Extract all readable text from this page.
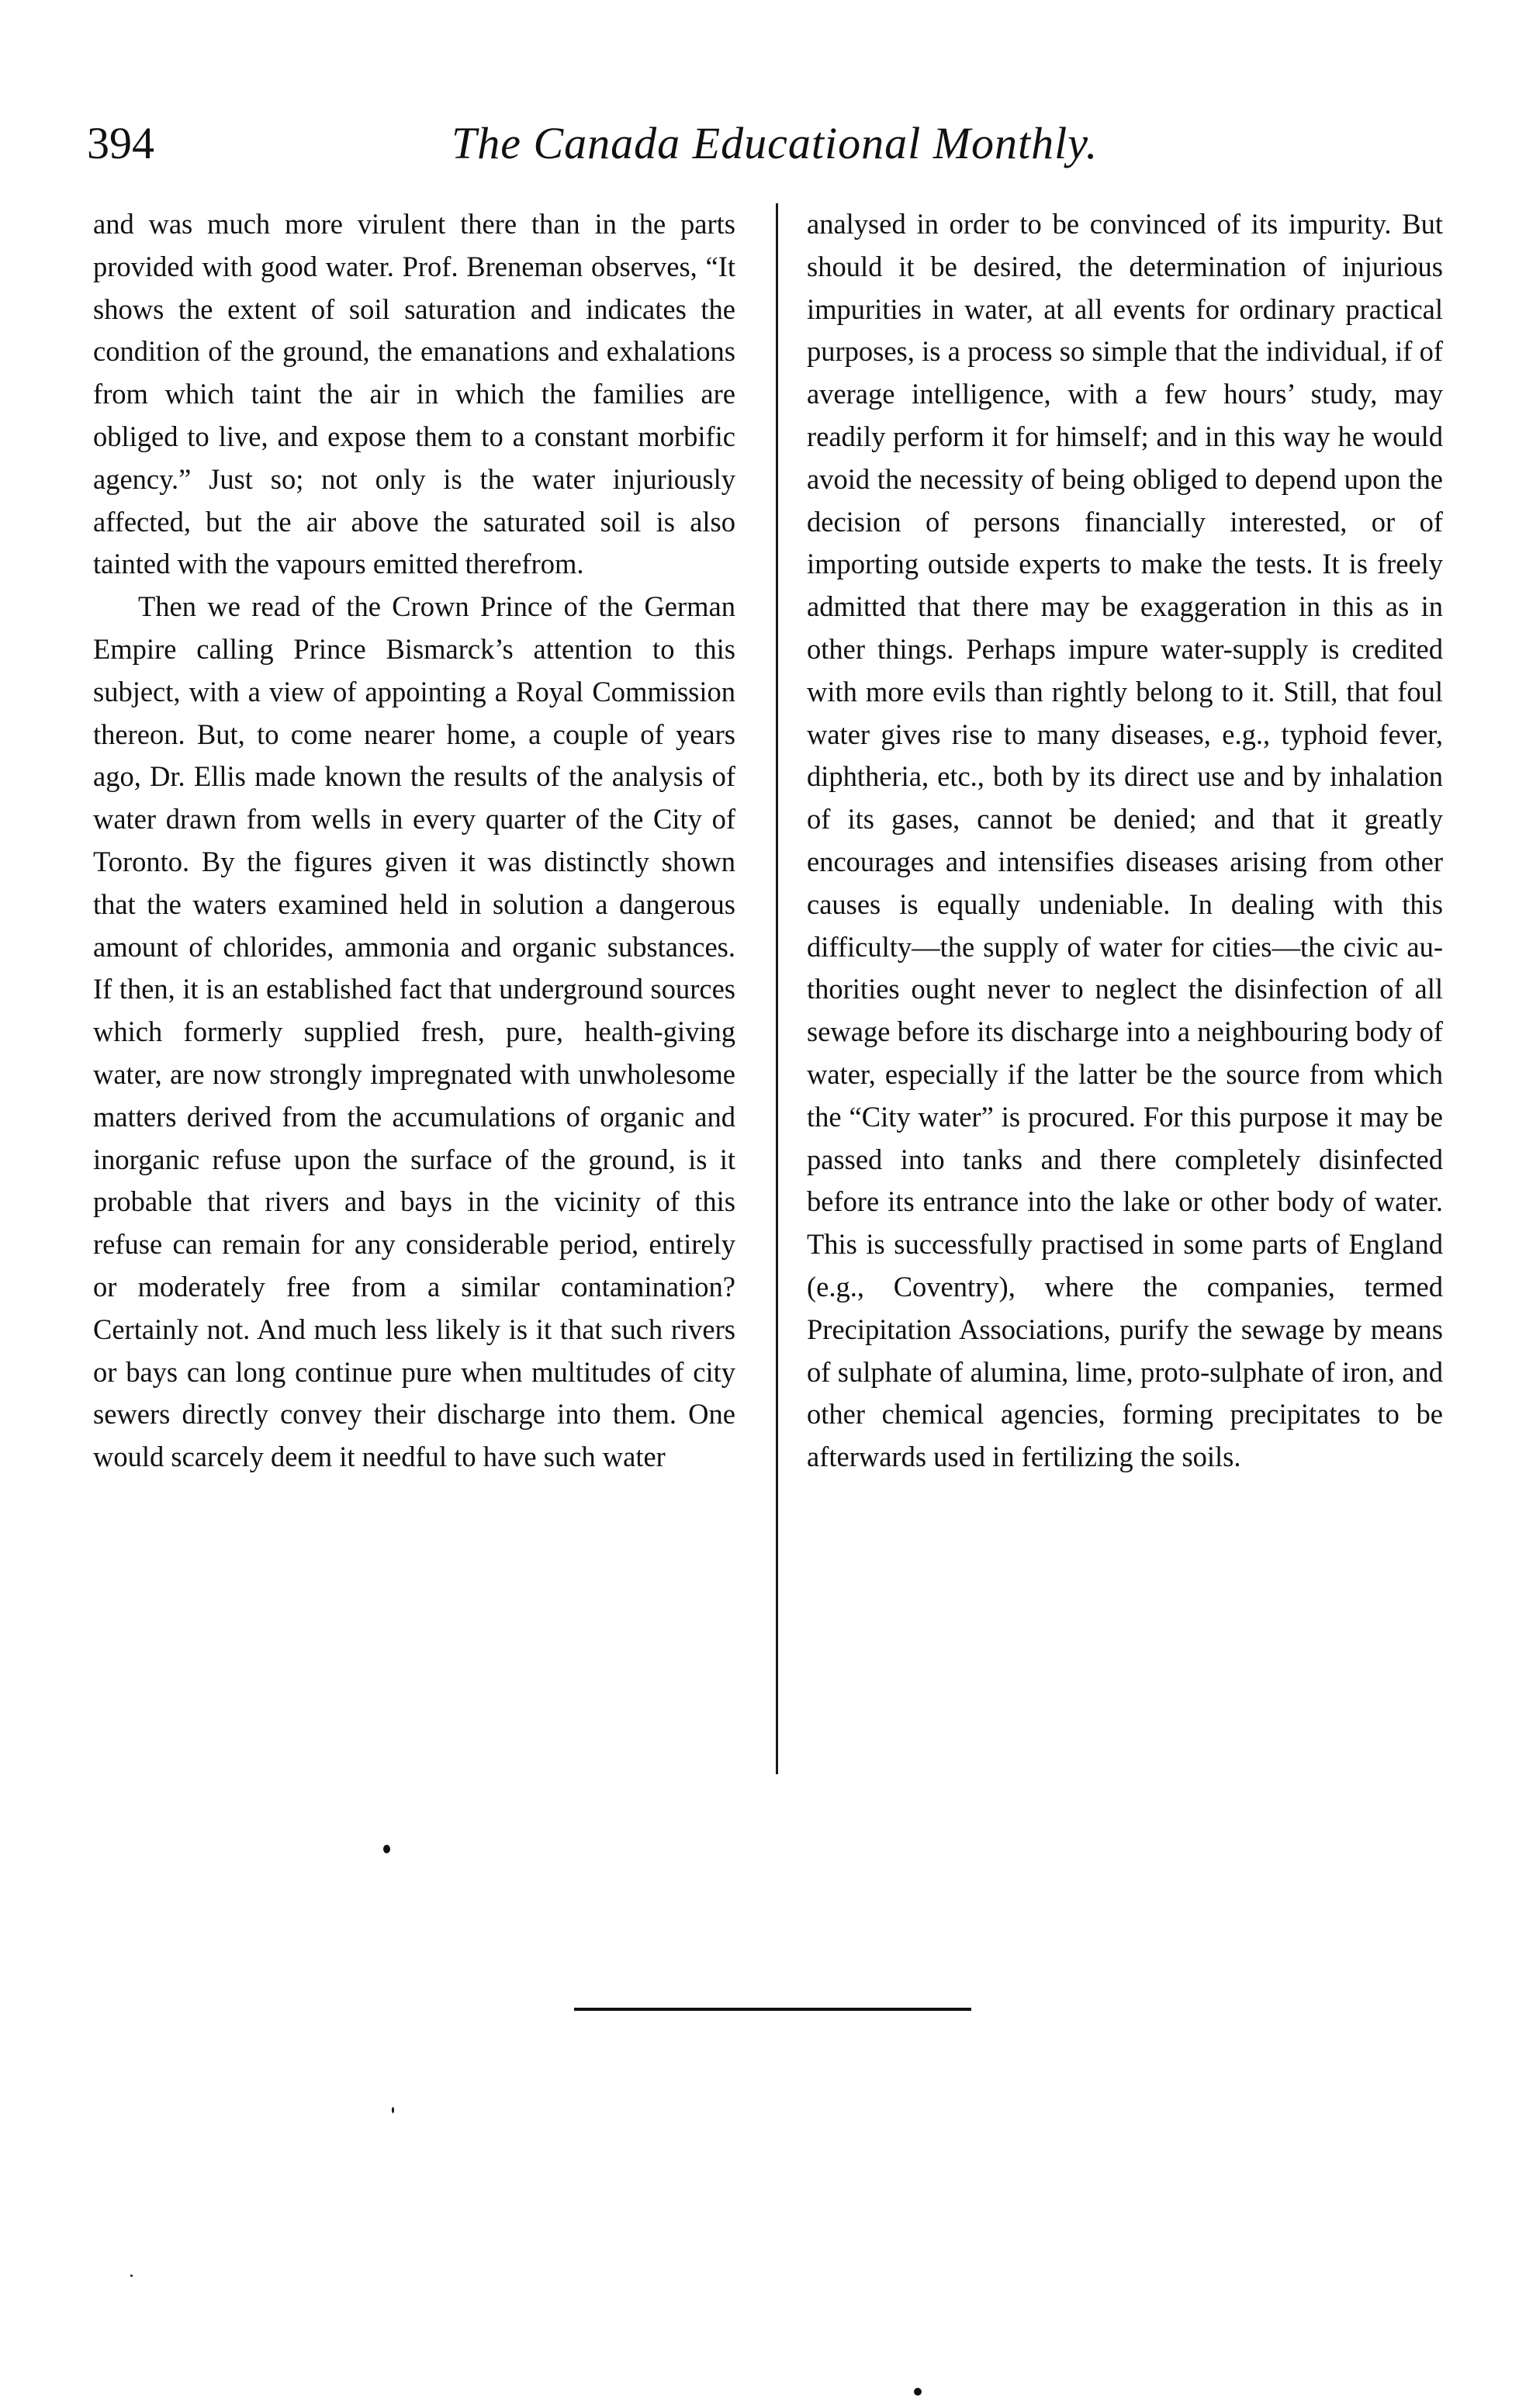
394	The Canada Educational Monthly.

and was much more virulent there than in the parts provided with good water. Prof. Breneman observes, “It shows the extent of soil saturation and indicates the condition of the ground, the emanations and exhalations from which taint the air in which the families are obliged to live, and expose them to a constant morbific agency.” Just so; not only is the water injuriously affected, but the air above the saturated soil is also tainted with the vapours emitted therefrom.

Then we read of the Crown Prince of the German Empire calling Prince Bismarck’s attention to this subject, with a view of appointing a Royal Commission thereon. But, to come nearer home, a couple of years ago, Dr. Ellis made known the results of the analysis of water drawn from wells in every quarter of the City of Toronto. By the figures given it was distinctly shown that the waters examined held in solution a dangerous amount of chlorides, ammonia and organic substances. If then, it is an established fact that underground sources which formerly supplied fresh, pure, health-giving water, are now strongly impregnated with unwholesome matters derived from the accumulations of organic and inorganic refuse upon the surface of the ground, is it probable that rivers and bays in the vicinity of this refuse can remain for any considerable period, entirely or moderately free from a similar contamination? Certainly not. And much less likely is it that such rivers or bays can long continue pure when multitudes of city sewers directly convey their discharge into them. One would scarcely deem it needful to have such water

analysed in order to be convinced of its impurity. But should it be desired, the determination of injurious impurities in water, at all events for ordinary practical purposes, is a process so simple that the individual, if of average intelligence, with a few hours’ study, may readily perform it for himself; and in this way he would avoid the necessity of being obliged to depend upon the decision of persons financially interested, or of importing outside experts to make the tests. It is freely admitted that there may be exaggeration in this as in other things. Perhaps impure water-supply is credited with more evils than rightly belong to it. Still, that foul water gives rise to many diseases, e.g., typhoid fever, diphtheria, etc., both by its direct use and by inhalation of its gases, cannot be denied; and that it greatly encourages and intensifies diseases arising from other causes is equally undeniable. In dealing with this difficulty—the supply of water for cities—the civic authorities ought never to neglect the disinfection of all sewage before its discharge into a neighbouring body of water, especially if the latter be the source from which the “City water” is procured. For this purpose it may be passed into tanks and there completely disinfected before its entrance into the lake or other body of water. This is successfully practised in some parts of England (e.g., Coventry), where the companies, termed Precipitation Associations, purify the sewage by means of sulphate of alumina, lime, proto-sulphate of iron, and other chemical agencies, forming precipitates to be afterwards used in fertilizing the soils.
